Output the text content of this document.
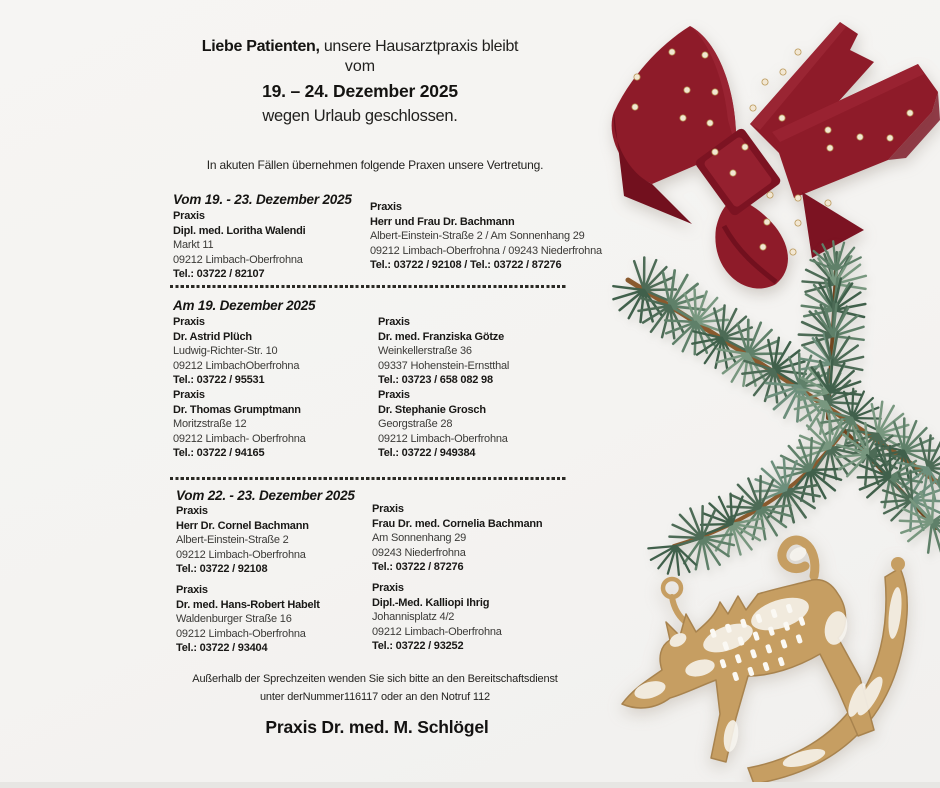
Liebe Patienten, unsere Hausarztpraxis bleibt
vom
19. – 24. Dezember 2025
wegen Urlaub geschlossen.
In akuten Fällen übernehmen folgende Praxen unsere Vertretung.
Vom 19. - 23. Dezember 2025
Praxis
Dipl. med. Loritha Walendi
Markt 11
09212 Limbach-Oberfrohna
Tel.: 03722 / 82107
Praxis
Herr und Frau Dr. Bachmann
Albert-Einstein-Straße 2 / Am Sonnenhang 29
09212 Limbach-Oberfrohna / 09243 Niederfrohna
Tel.: 03722 / 92108 / Tel.: 03722 / 87276
Am 19. Dezember 2025
Praxis
Dr. Astrid Plüch
Ludwig-Richter-Str. 10
09212 LimbachOberfrohna
Tel.: 03722 / 95531
Praxis
Dr. Thomas Grumptmann
Moritzstraße 12
09212 Limbach- Oberfrohna
Tel.: 03722 / 94165
Praxis
Dr. med. Franziska Götze
Weinkellerstraße 36
09337 Hohenstein-Ernstthal
Tel.: 03723 / 658 082 98
Praxis
Dr. Stephanie Grosch
Georgstraße 28
09212 Limbach-Oberfrohna
Tel.: 03722 / 949384
Vom 22. - 23. Dezember 2025
Praxis
Herr Dr. Cornel Bachmann
Albert-Einstein-Straße 2
09212 Limbach-Oberfrohna
Tel.: 03722 / 92108
Praxis
Dr. med. Hans-Robert Habelt
Waldenburger Straße 16
09212 Limbach-Oberfrohna
Tel.: 03722 / 93404
Praxis
Frau Dr. med. Cornelia Bachmann
Am Sonnenhang 29
09243 Niederfrohna
Tel.: 03722 / 87276
Praxis
Dipl.-Med. Kalliopi Ihrig
Johannisplatz 4/2
09212 Limbach-Oberfrohna
Tel.: 03722 / 93252
Außerhalb der Sprechzeiten wenden Sie sich bitte an den Bereitschaftsdienst
unter derNummer116117 oder an den Notruf 112
Praxis Dr. med. M. Schlögel
